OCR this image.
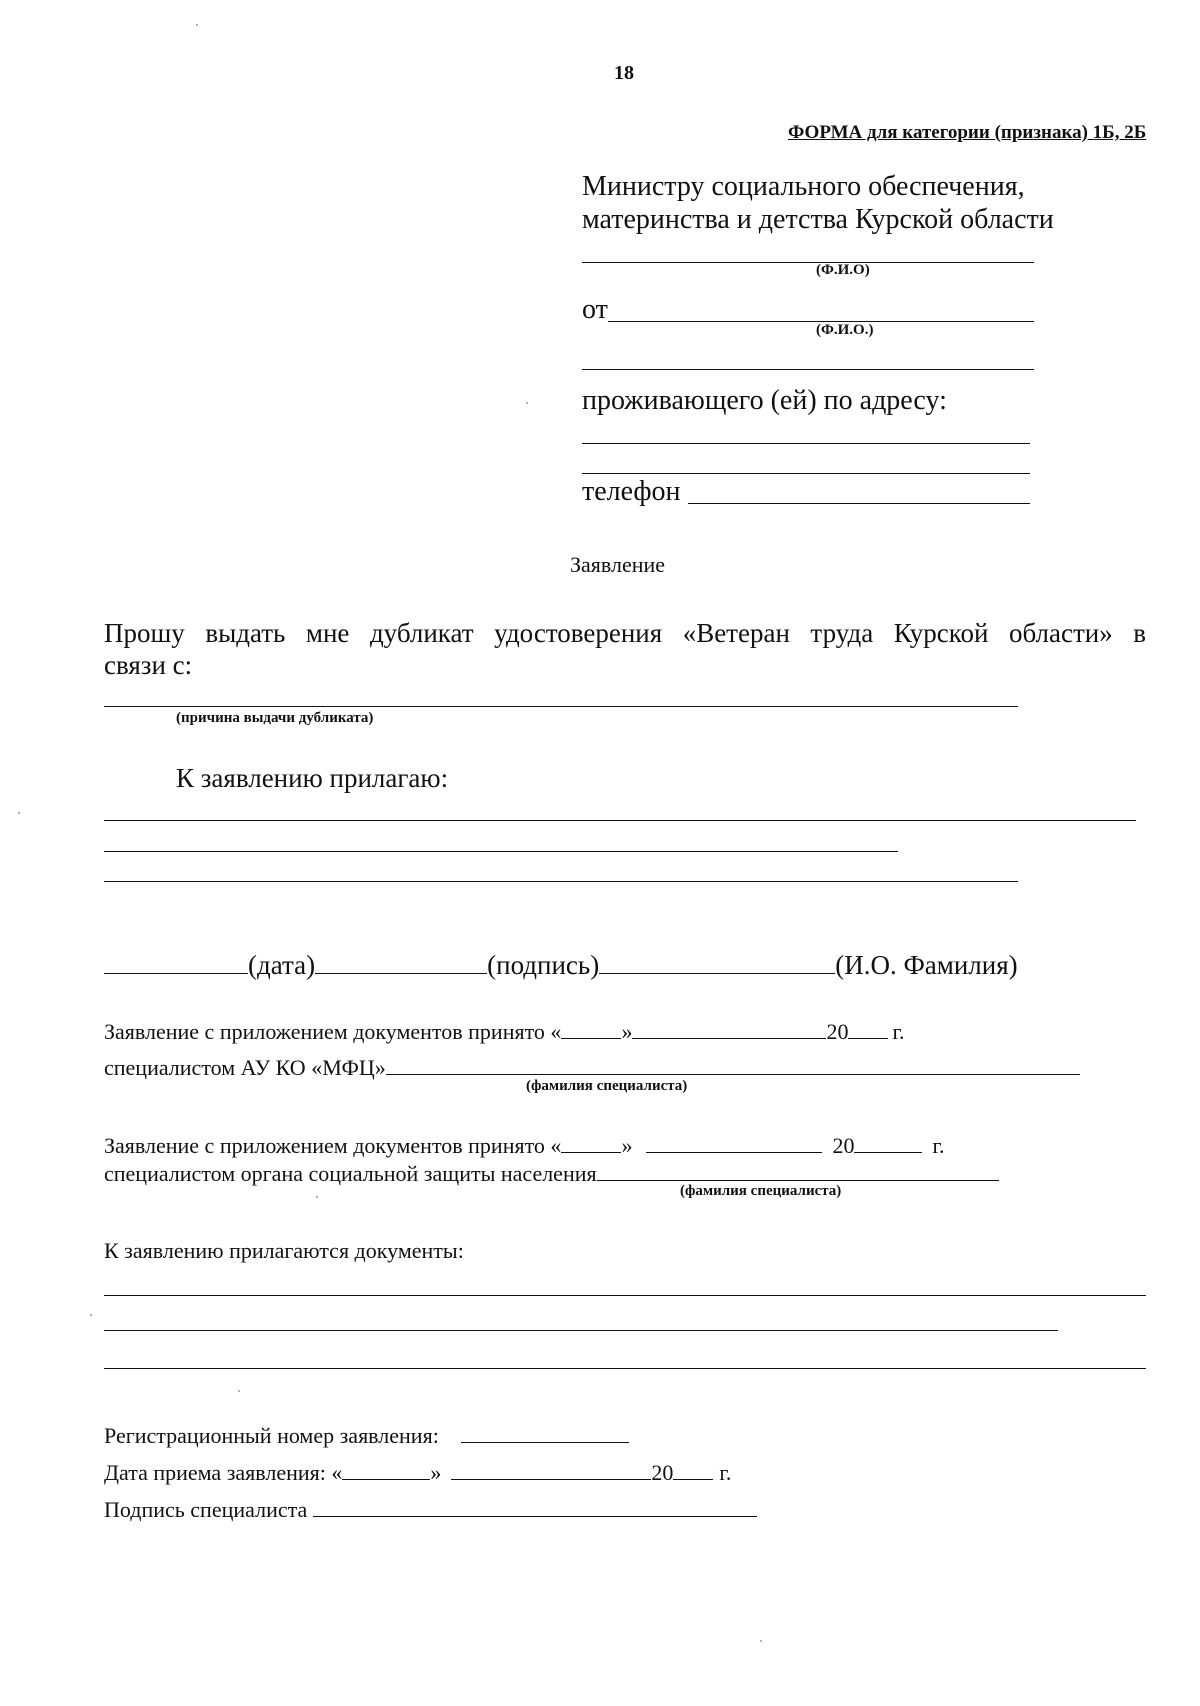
18
ФОРМА для категории (признака) 1Б, 2Б
Министру социального обеспечения,
материнства и детства Курской области
(Ф.И.О)
от
(Ф.И.О.)
проживающего (ей) по адресу:
телефон
Заявление
Прошу выдать мне дубликат удостоверения «Ветеран труда Курской области» в
связи с:
(причина выдачи дубликата)
К заявлению прилагаю:
(дата)	(подпись)	(И.О. Фамилия)
Заявление с приложением документов принято «	»	20 г.
специалистом АУ КО «МФЦ»
(фамилия специалиста)
Заявление с приложением документов принято «	»	20	г.
специалистом органа социальной защиты населения
(фамилия специалиста)
К заявлению прилагаются документы:
Регистрационный номер заявления:
Дата приема заявления: «	»	20 г.
Подпись специалиста
